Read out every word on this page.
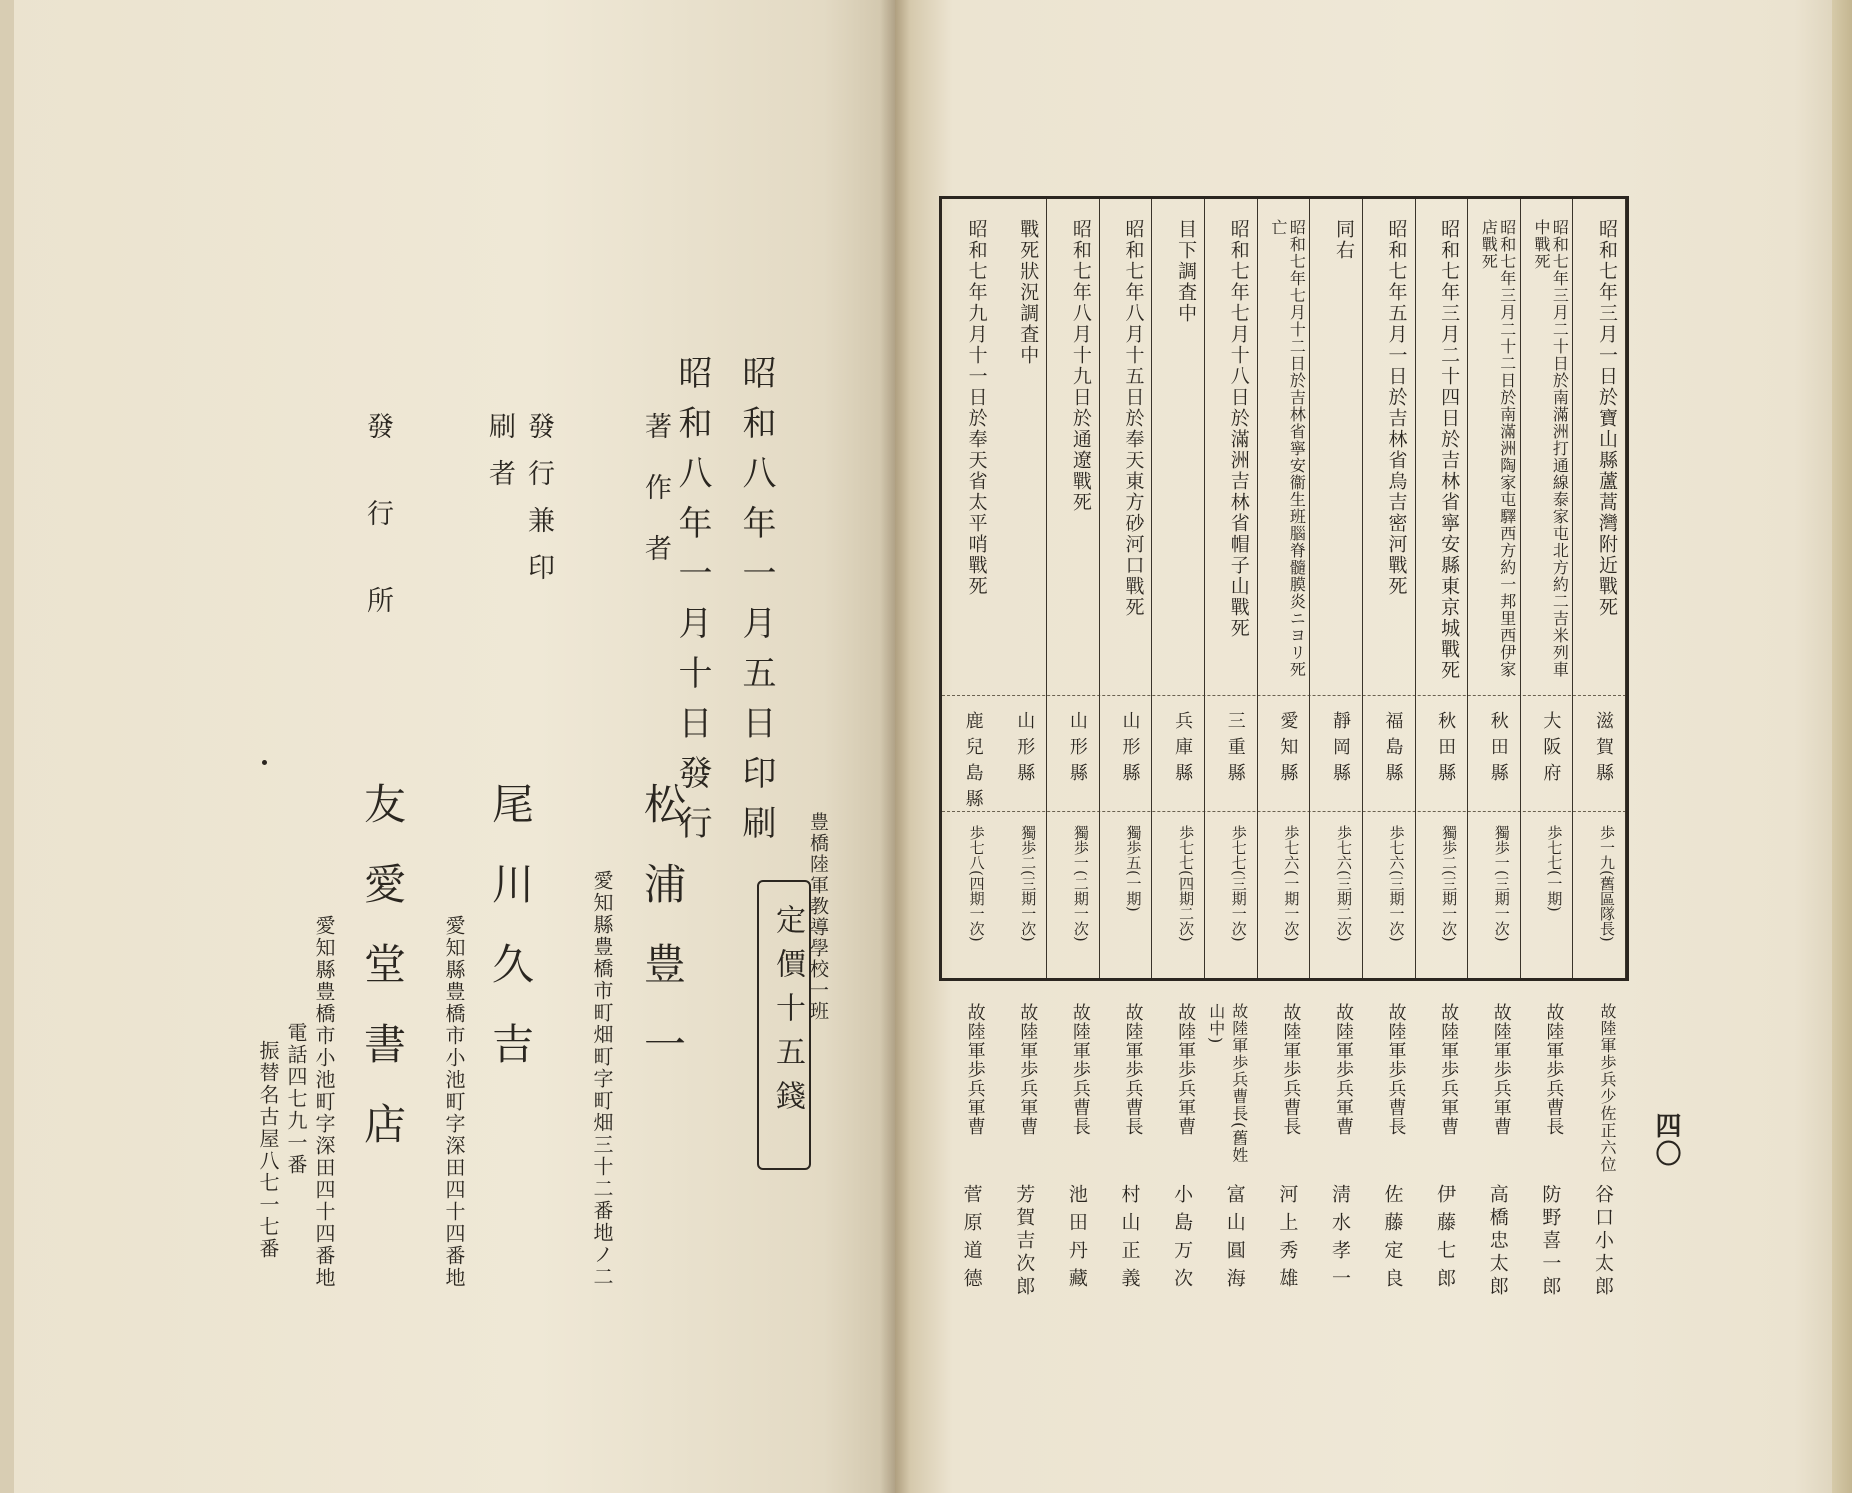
昭和七年三月一日於寶山縣蘆蒿灣附近戰死
滋賀縣
歩一九(舊區隊長)
昭和七年三月二十日於南滿洲打通線泰家屯北方約二吉米列車中戰死
大阪府
歩七七(一期)
昭和七年三月二十二日於南滿洲陶家屯驛西方約一邦里西伊家店戰死
秋田縣
獨歩一(三期一次)
昭和七年三月二十四日於吉林省寧安縣東京城戰死
秋田縣
獨歩二(三期一次)
昭和七年五月一日於吉林省烏吉密河戰死
福島縣
歩七六(三期一次)
同右
靜岡縣
歩七六(三期二次)
昭和七年七月十二日於吉林省寧安衞生班腦脊髓膜炎ニヨリ死亡
愛知縣
歩七六(一期一次)
昭和七年七月十八日於滿洲吉林省帽子山戰死
三重縣
歩七七(三期一次)
目下調査中
兵庫縣
歩七七(四期二次)
昭和七年八月十五日於奉天東方砂河口戰死
山形縣
獨歩五(一期)
昭和七年八月十九日於通遼戰死
山形縣
獨歩一(二期一次)
戰死狀況調査中
山形縣
獨歩二(三期一次)
昭和七年九月十一日於奉天省太平哨戰死
鹿兒島縣
歩七八(四期一次)
故陸軍歩兵少佐正六位
谷口小太郎
故陸軍歩兵曹長
防野喜一郎
故陸軍歩兵軍曹
高橋忠太郎
故陸軍歩兵軍曹
伊藤七郎
故陸軍歩兵曹長
佐藤定良
故陸軍歩兵軍曹
淸水孝一
故陸軍歩兵曹長
河上秀雄
故陸軍歩兵曹長(舊姓山中)
富山圓海
故陸軍歩兵軍曹
小島万次
故陸軍歩兵曹長
村山正義
故陸軍歩兵曹長
池田丹藏
故陸軍歩兵軍曹
芳賀吉次郎
故陸軍歩兵軍曹
菅原道德
四〇
昭和八年一月五日印刷
昭和八年一月十日發行
定價十五錢 豊橋陸軍教導學校一班
著作者
愛知縣豊橋市町畑町字町畑三十二番地ノ二 松浦豊一
發行兼印刷者
愛知縣豊橋市小池町字深田四十四番地 尾川久吉
發行所
友愛堂書店
愛知縣豊橋市小池町字深田四十四番地
電話四七九一番
振替名古屋八七一七番
